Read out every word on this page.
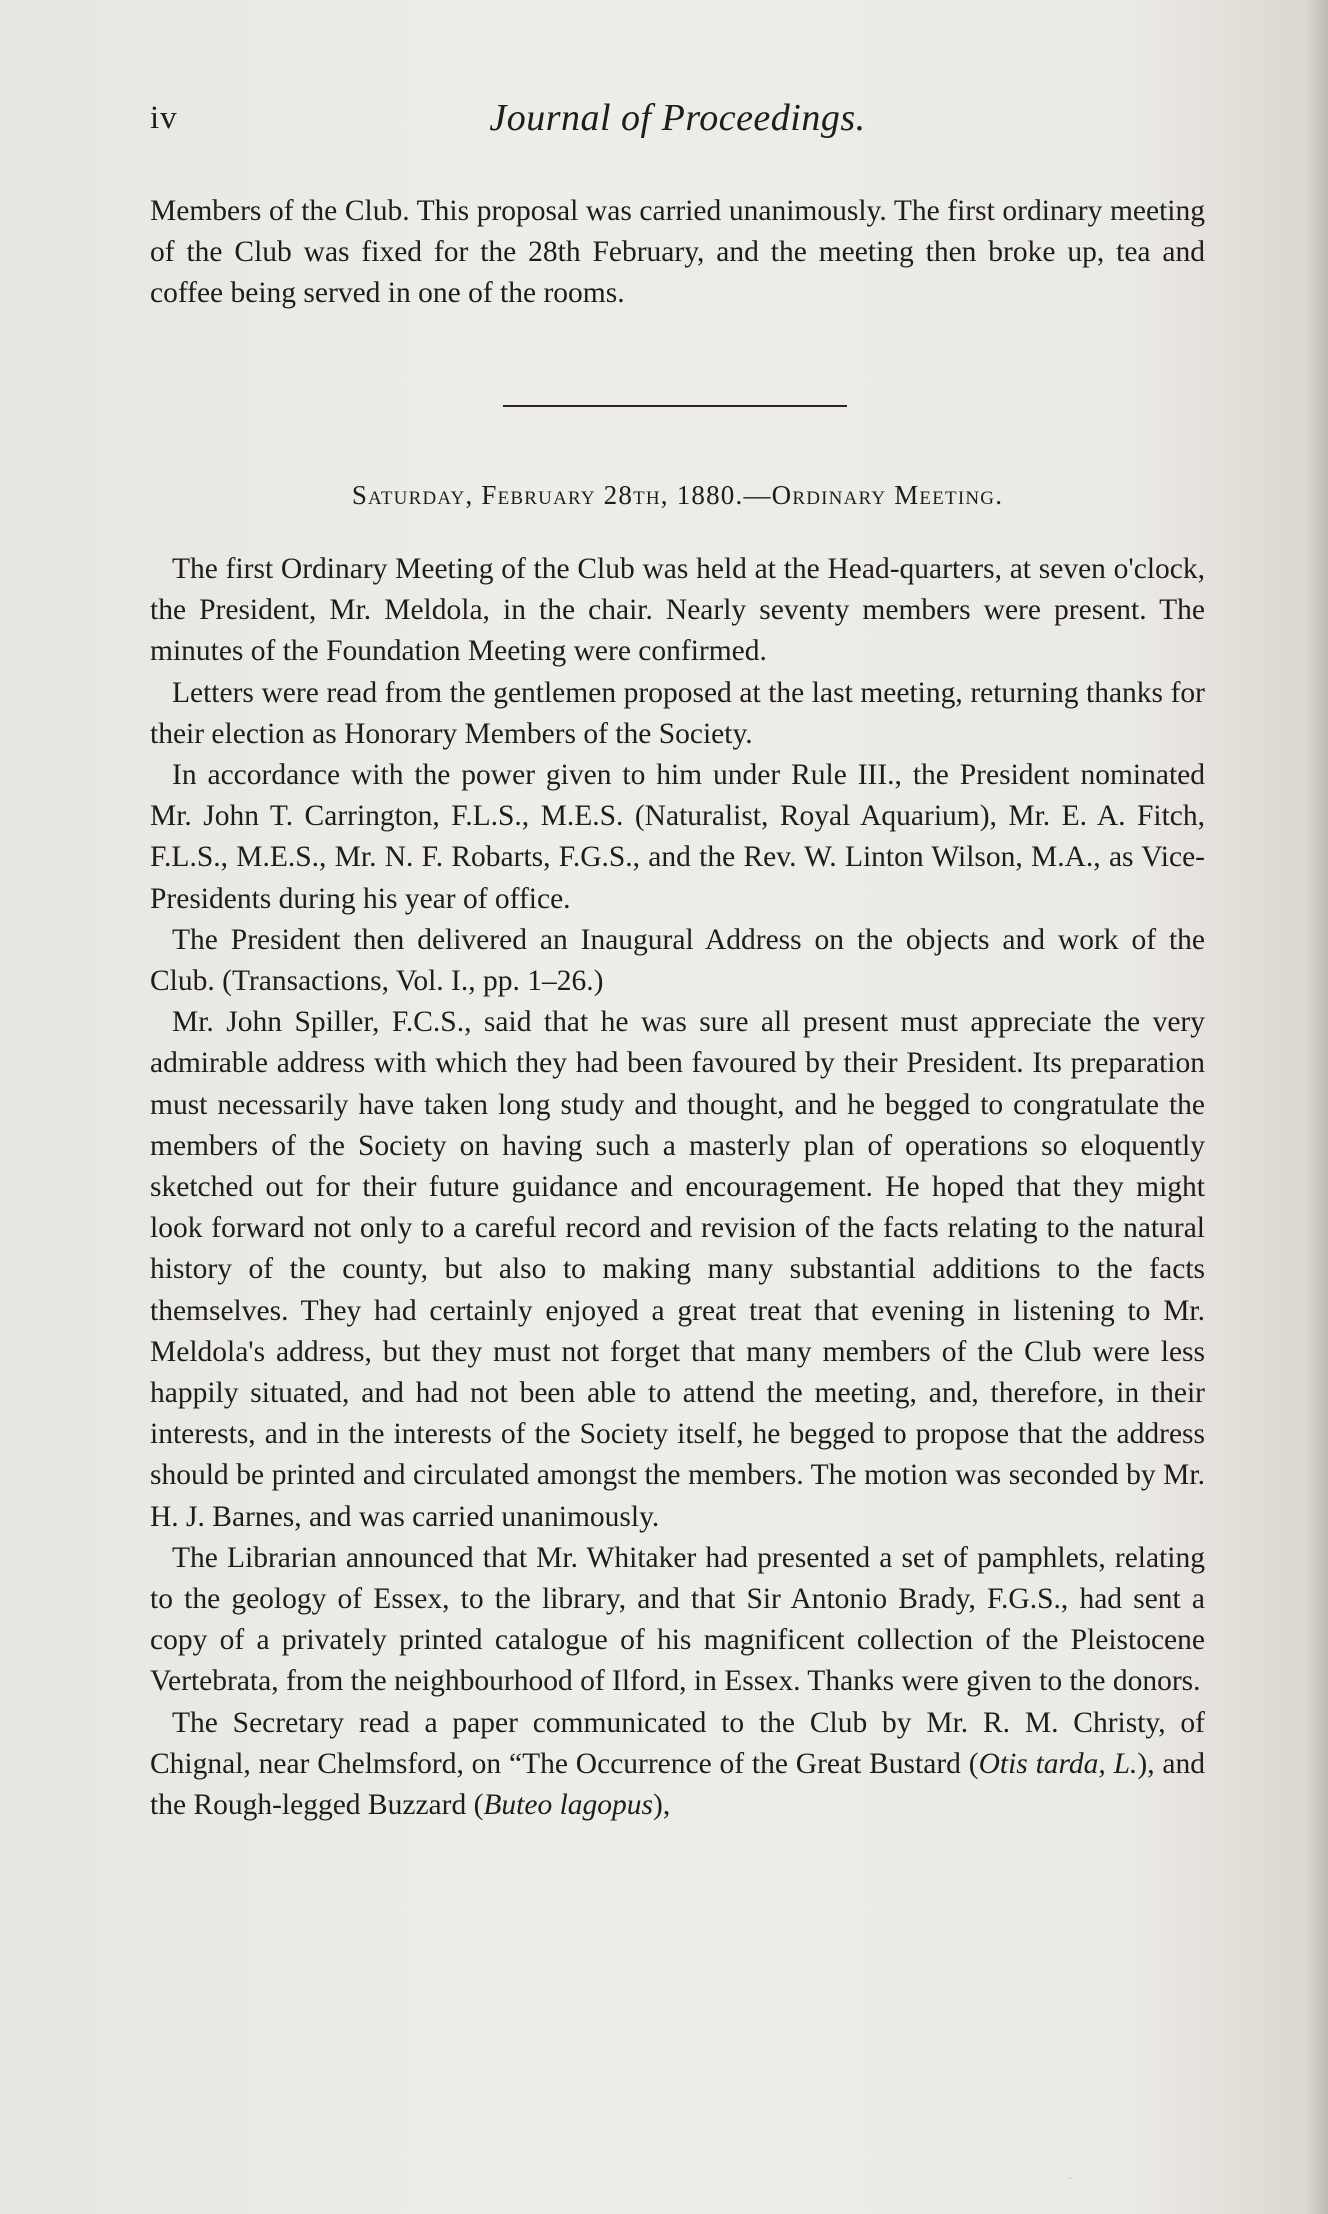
iv	Journal of Proceedings.

Members of the Club. This proposal was carried unanimously. The first ordinary meeting of the Club was fixed for the 28th February, and the meeting then broke up, tea and coffee being served in one of the rooms.

Saturday, February 28th, 1880.—Ordinary Meeting.

The first Ordinary Meeting of the Club was held at the Head-quarters, at seven o'clock, the President, Mr. Meldola, in the chair. Nearly seventy members were present. The minutes of the Foundation Meeting were confirmed.

Letters were read from the gentlemen proposed at the last meeting, returning thanks for their election as Honorary Members of the Society.

In accordance with the power given to him under Rule III., the President nominated Mr. John T. Carrington, F.L.S., M.E.S. (Naturalist, Royal Aquarium), Mr. E. A. Fitch, F.L.S., M.E.S., Mr. N. F. Robarts, F.G.S., and the Rev. W. Linton Wilson, M.A., as Vice-Presidents during his year of office.

The President then delivered an Inaugural Address on the objects and work of the Club. (Transactions, Vol. I., pp. 1–26.)

Mr. John Spiller, F.C.S., said that he was sure all present must appreciate the very admirable address with which they had been favoured by their President. Its preparation must necessarily have taken long study and thought, and he begged to congratulate the members of the Society on having such a masterly plan of operations so eloquently sketched out for their future guidance and encouragement. He hoped that they might look forward not only to a careful record and revision of the facts relating to the natural history of the county, but also to making many substantial additions to the facts themselves. They had certainly enjoyed a great treat that evening in listening to Mr. Meldola's address, but they must not forget that many members of the Club were less happily situated, and had not been able to attend the meeting, and, therefore, in their interests, and in the interests of the Society itself, he begged to propose that the address should be printed and circulated amongst the members. The motion was seconded by Mr. H. J. Barnes, and was carried unanimously.

The Librarian announced that Mr. Whitaker had presented a set of pamphlets, relating to the geology of Essex, to the library, and that Sir Antonio Brady, F.G.S., had sent a copy of a privately printed catalogue of his magnificent collection of the Pleistocene Vertebrata, from the neighbourhood of Ilford, in Essex. Thanks were given to the donors.

The Secretary read a paper communicated to the Club by Mr. R. M. Christy, of Chignal, near Chelmsford, on “The Occurrence of the Great Bustard (Otis tarda, L.), and the Rough-legged Buzzard (Buteo lagopus),

·
